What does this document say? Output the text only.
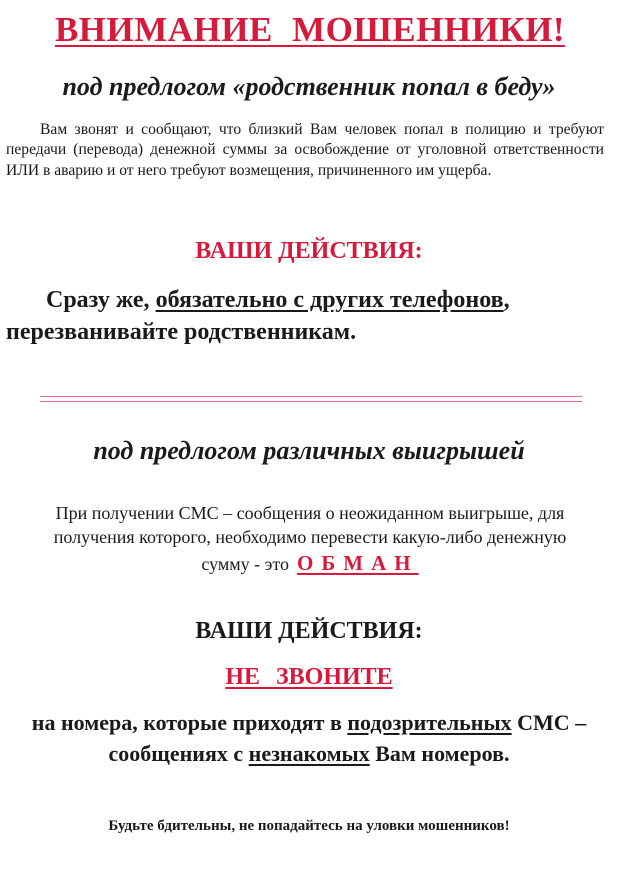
ВНИМАНИЕ МОШЕННИКИ!
под предлогом «родственник попал в беду»
Вам звонят и сообщают, что близкий Вам человек попал в полицию и требуют передачи (перевода) денежной суммы за освобождение от уголовной ответственности ИЛИ в аварию и от него требуют возмещения, причиненного им ущерба.
ВАШИ ДЕЙСТВИЯ:
Сразу же, обязательно с других телефонов, перезванивайте родственникам.
под предлогом различных выигрышей
При получении СМС – сообщения о неожиданном выигрыше, для получения которого, необходимо перевести какую-либо денежную сумму - это ОБМАН
ВАШИ ДЕЙСТВИЯ:
НЕ ЗВОНИТЕ
на номера, которые приходят в подозрительных СМС – сообщениях с незнакомых Вам номеров.
Будьте бдительны, не попадайтесь на уловки мошенников!
